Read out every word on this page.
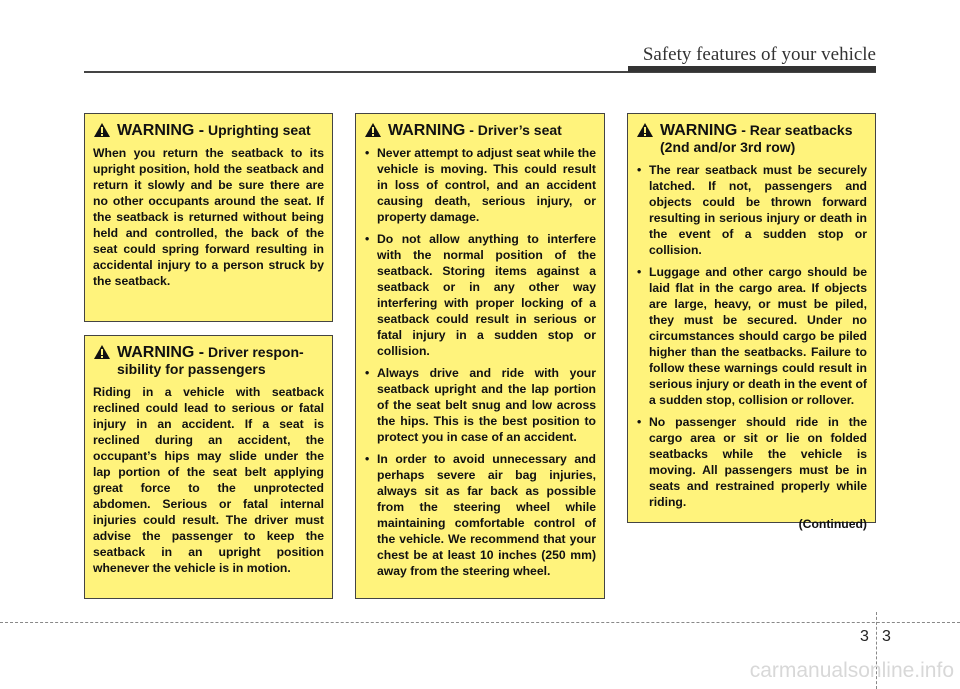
Safety features of your vehicle
WARNING - Uprighting seat
When you return the seatback to its upright position, hold the seatback and return it slowly and be sure there are no other occupants around the seat. If the seatback is returned without being held and controlled, the back of the seat could spring forward resulting in accidental injury to a person struck by the seatback.
WARNING - Driver responsibility for passengers
Riding in a vehicle with seatback reclined could lead to serious or fatal injury in an accident. If a seat is reclined during an accident, the occupant’s hips may slide under the lap portion of the seat belt applying great force to the unprotected abdomen. Serious or fatal internal injuries could result. The driver must advise the passenger to keep the seatback in an upright position whenever the vehicle is in motion.
WARNING - Driver’s seat
• Never attempt to adjust seat while the vehicle is moving. This could result in loss of control, and an accident causing death, serious injury, or property damage.
• Do not allow anything to interfere with the normal position of the seatback. Storing items against a seatback or in any other way interfering with proper locking of a seatback could result in serious or fatal injury in a sudden stop or collision.
• Always drive and ride with your seatback upright and the lap portion of the seat belt snug and low across the hips. This is the best position to protect you in case of an accident.
• In order to avoid unnecessary and perhaps severe air bag injuries, always sit as far back as possible from the steering wheel while maintaining comfortable control of the vehicle. We recommend that your chest be at least 10 inches (250 mm) away from the steering wheel.
WARNING - Rear seatbacks (2nd and/or 3rd row)
• The rear seatback must be securely latched. If not, passengers and objects could be thrown forward resulting in serious injury or death in the event of a sudden stop or collision.
• Luggage and other cargo should be laid flat in the cargo area. If objects are large, heavy, or must be piled, they must be secured. Under no circumstances should cargo be piled higher than the seatbacks. Failure to follow these warnings could result in serious injury or death in the event of a sudden stop, collision or rollover.
• No passenger should ride in the cargo area or sit or lie on folded seatbacks while the vehicle is moving. All passengers must be in seats and restrained properly while riding.
(Continued)
3 3
carmanualsonline.info
